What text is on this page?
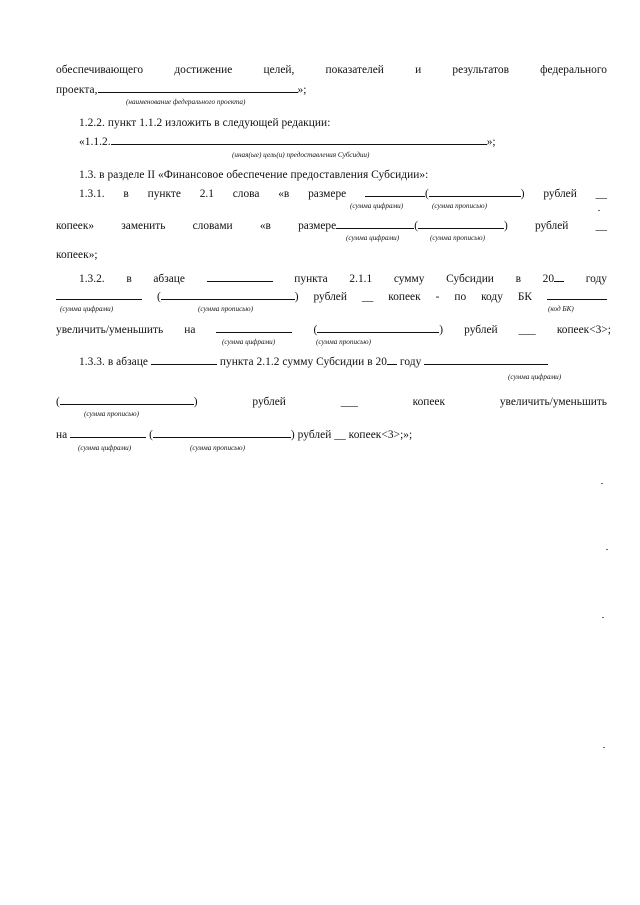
обеспечивающего	достижение	целей,	показателей	и	результатов	федерального
проекта,	»;
(наименование федерального проекта)
1.2.2. пункт 1.1.2 изложить в следующей редакции:
«1.1.2.	»;
(иная(ые) цель(и) предоставления Субсидии)
1.3. в разделе II «Финансовое обеспечение предоставления Субсидии»:
1.3.1. в пункте 2.1 слова «в размере	(	) рублей __
(сумма цифрами)	(сумма прописью)
копеек» заменить словами «в размере	(	) рублей __
(сумма цифрами)	(сумма прописью)
копеек»;
1.3.2. в абзаце	пункта 2.1.1 сумму Субсидии в 20	году
(	) рублей __ копеек - по коду БК
(сумма цифрами)	(сумма прописью)	(код БК)
увеличить/уменьшить на	(	) рублей ___ копеек<3>;
(сумма цифрами)	(сумма прописью)
1.3.3. в абзаце	пункта 2.1.2 сумму Субсидии в 20 году
(сумма цифрами)
(	)	рублей	___	копеек	увеличить/уменьшить
(сумма прописью)
на	(	) рублей __ копеек<3>;»;
(сумма цифрами)	(сумма прописью)
